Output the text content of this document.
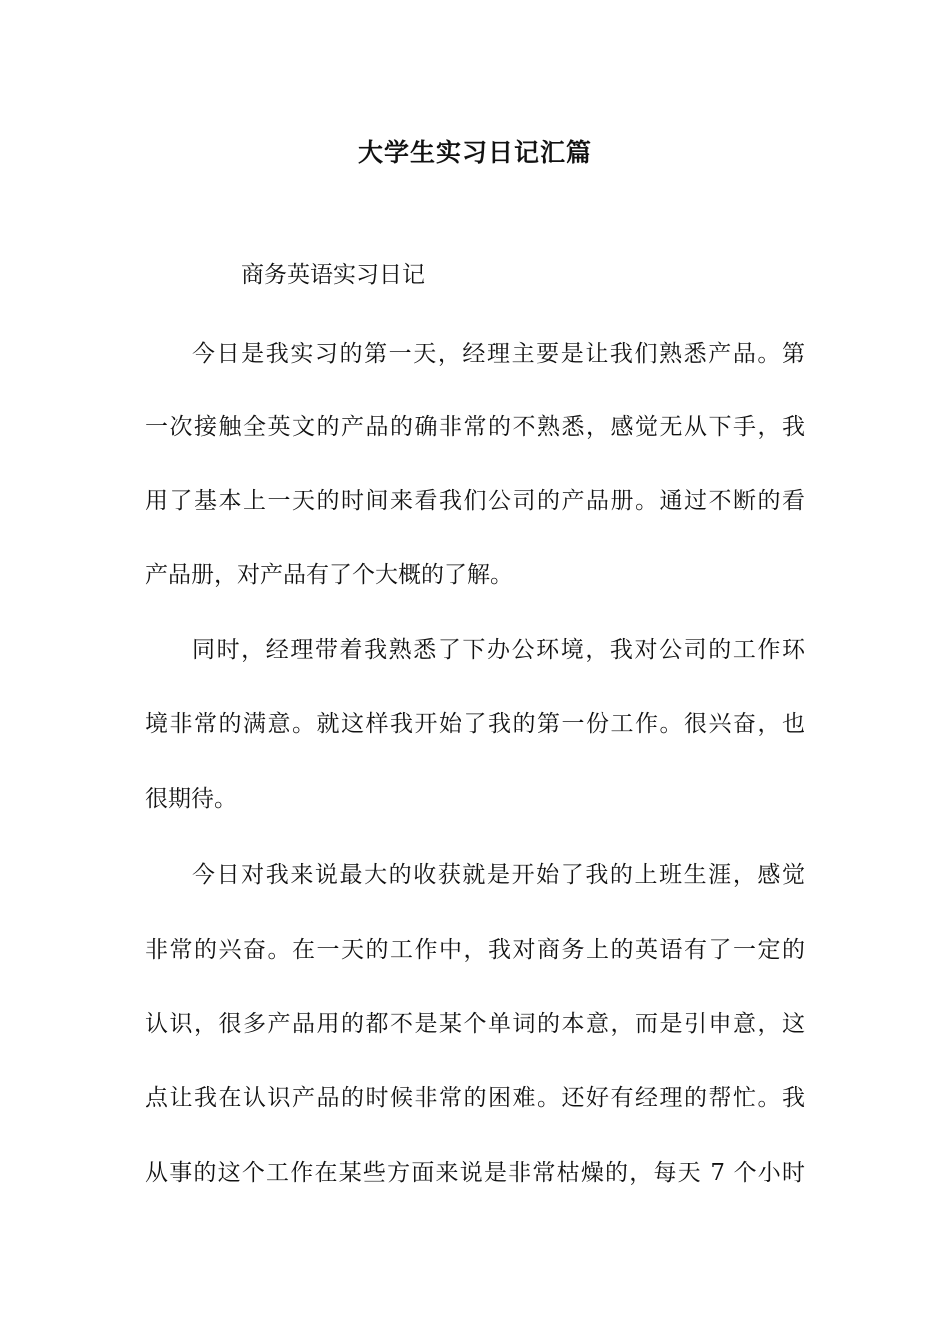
大学生实习日记汇篇
商务英语实习日记
今日是我实习的第一天，经理主要是让我们熟悉产品。第
一次接触全英文的产品的确非常的不熟悉，感觉无从下手，我
用了基本上一天的时间来看我们公司的产品册。通过不断的看
产品册，对产品有了个大概的了解。
同时，经理带着我熟悉了下办公环境，我对公司的工作环
境非常的满意。就这样我开始了我的第一份工作。很兴奋，也
很期待。
今日对我来说最大的收获就是开始了我的上班生涯，感觉
非常的兴奋。在一天的工作中，我对商务上的英语有了一定的
认识，很多产品用的都不是某个单词的本意，而是引申意，这
点让我在认识产品的时候非常的困难。还好有经理的帮忙。我
从事的这个工作在某些方面来说是非常枯燥的，每天 7 个小时
